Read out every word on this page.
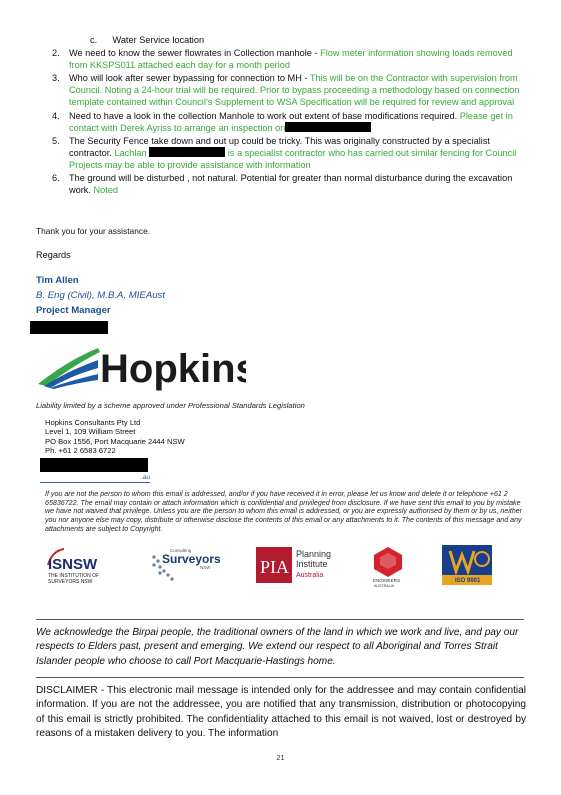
c. Water Service location
2.	We need to know the sewer flowrates in Collection manhole - Flow meter information showing loads removed from KKSPS011 attached each day for a month period
3.	Who will look after sewer bypassing for connection to MH - This will be on the Contractor with supervision from Council. Noting a 24-hour trial will be required. Prior to bypass proceeding a methodology based on connection template contained within Council’s Supplement to WSA Specification will be required for review and approval
4.	Need to have a look in the collection Manhole to work out extent of base modifications required. Please get in contact with Derek Ayriss to arrange an inspection on
5.	The Security Fence take down and out up could be tricky. This was originally constructed by a specialist contractor. Lachlan	is a specialist contractor who has carried out similar fencing for Council Projects may be able to provide assistance with information
6.	The ground will be disturbed , not natural. Potential for greater than normal disturbance during the excavation work. Noted
Thank you for your assistance.
Regards
Tim Allen
B. Eng (Civil), M.B.A, MIEAust
Project Manager
Hopkins
Liability limited by a scheme approved under Professional Standards Legislation
Hopkins Consultants Pty Ltd
Level 1, 109 William Street
PO Box 1556, Port Macquarie 2444 NSW
Ph. +61 2 6583 6722
.au
If you are not the person to whom this email is addressed, and/or if you have received it in error, please let us know and delete it or telephone +61 2 65836722. The email may contain or attach information which is confidential and privileged from disclosure. If we have sent this email to you by mistake we have not waived that privilege. Unless you are the person to whom this email is addressed, or you are expressly authorised by them or by us, neither you nor anyone else may copy, distribute or otherwise disclose the contents of this email or any attachments to it. The contents of this message and any attachments are subject to Copyright.
ISNSW
THE INSTITUTION OF
SURVEYORS NSW
Consulting
Surveyors
NSW	PIA
Planning
Institute
Australia
ENGINEERS
AUSTRALIA
ISO 9001
We acknowledge the Birpai people, the traditional owners of the land in which we work and live, and pay our respects to Elders past, present and emerging. We extend our respect to all Aboriginal and Torres Strait Islander people who choose to call Port Macquarie-Hastings home.
DISCLAIMER - This electronic mail message is intended only for the addressee and may contain confidential information. If you are not the addressee, you are notified that any transmission, distribution or photocopying of this email is strictly prohibited. The confidentiality attached to this email is not waived, lost or destroyed by reasons of a mistaken delivery to you. The information
21
